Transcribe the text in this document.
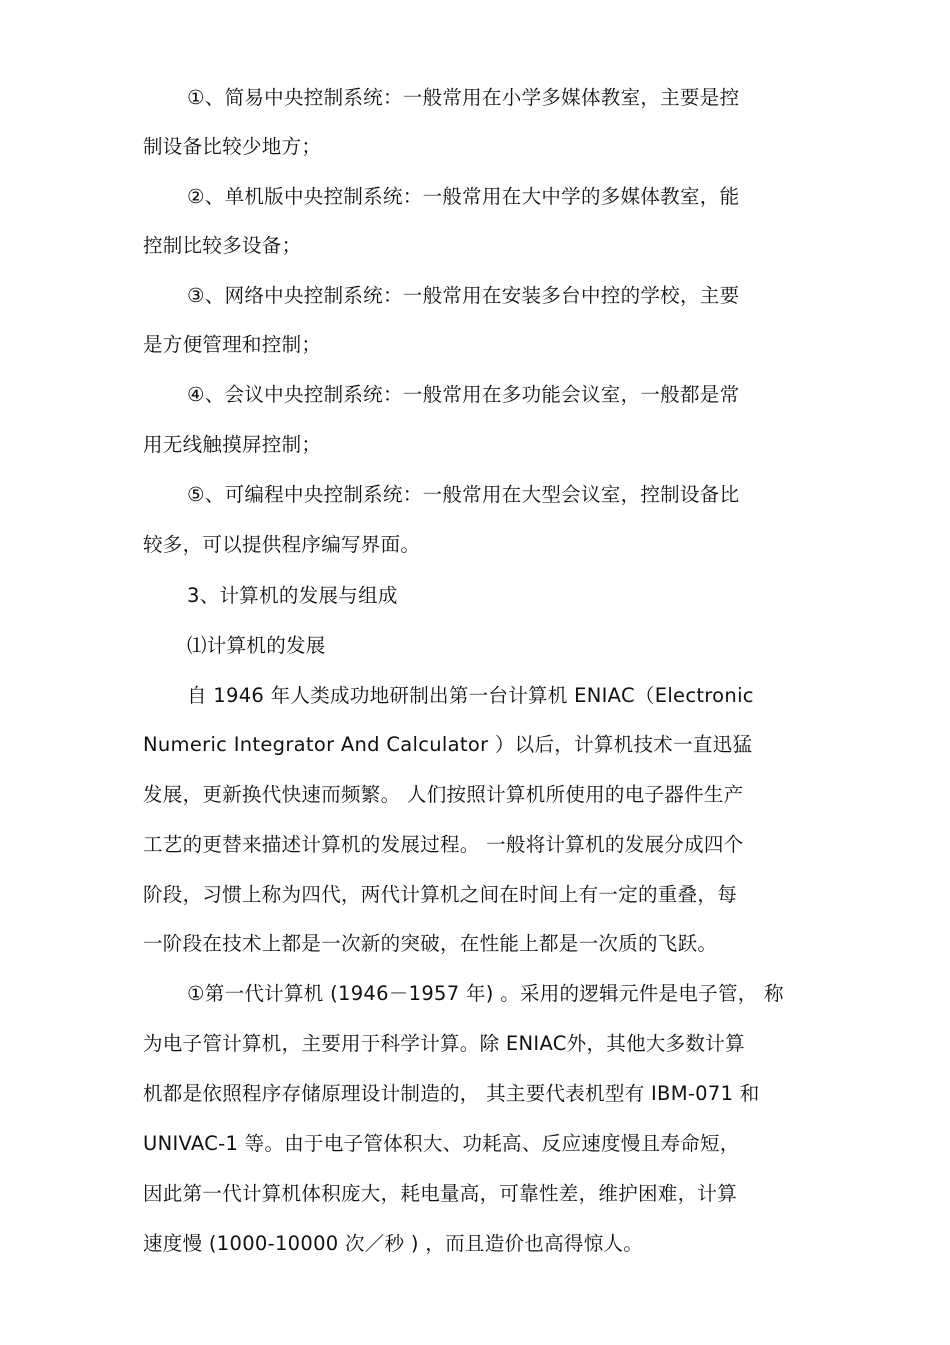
①、简易中央控制系统：一般常用在小学多媒体教室，主要是控
制设备比较少地方；
②、单机版中央控制系统：一般常用在大中学的多媒体教室，能
控制比较多设备；
③、网络中央控制系统：一般常用在安装多台中控的学校，主要
是方便管理和控制；
④、会议中央控制系统：一般常用在多功能会议室，一般都是常
用无线触摸屏控制；
⑤、可编程中央控制系统：一般常用在大型会议室，控制设备比
较多，可以提供程序编写界面。
3、计算机的发展与组成
⑴计算机的发展
自 1946 年人类成功地研制出第一台计算机 ENIAC（Electronic
Numeric Integrator And Calculator ）以后，计算机技术一直迅猛
发展，更新换代快速而频繁。 人们按照计算机所使用的电子器件生产
工艺的更替来描述计算机的发展过程。 一般将计算机的发展分成四个
阶段，习惯上称为四代，两代计算机之间在时间上有一定的重叠，每
一阶段在技术上都是一次新的突破，在性能上都是一次质的飞跃。
①第一代计算机 (1946－1957 年) 。采用的逻辑元件是电子管， 称
为电子管计算机，主要用于科学计算。除 ENIAC外，其他大多数计算
机都是依照程序存储原理设计制造的， 其主要代表机型有 IBM-071 和
UNIVAC-1 等。由于电子管体积大、功耗高、反应速度慢且寿命短，
因此第一代计算机体积庞大，耗电量高，可靠性差，维护困难，计算
速度慢 (1000-10000 次／秒 ) ，而且造价也高得惊人。
